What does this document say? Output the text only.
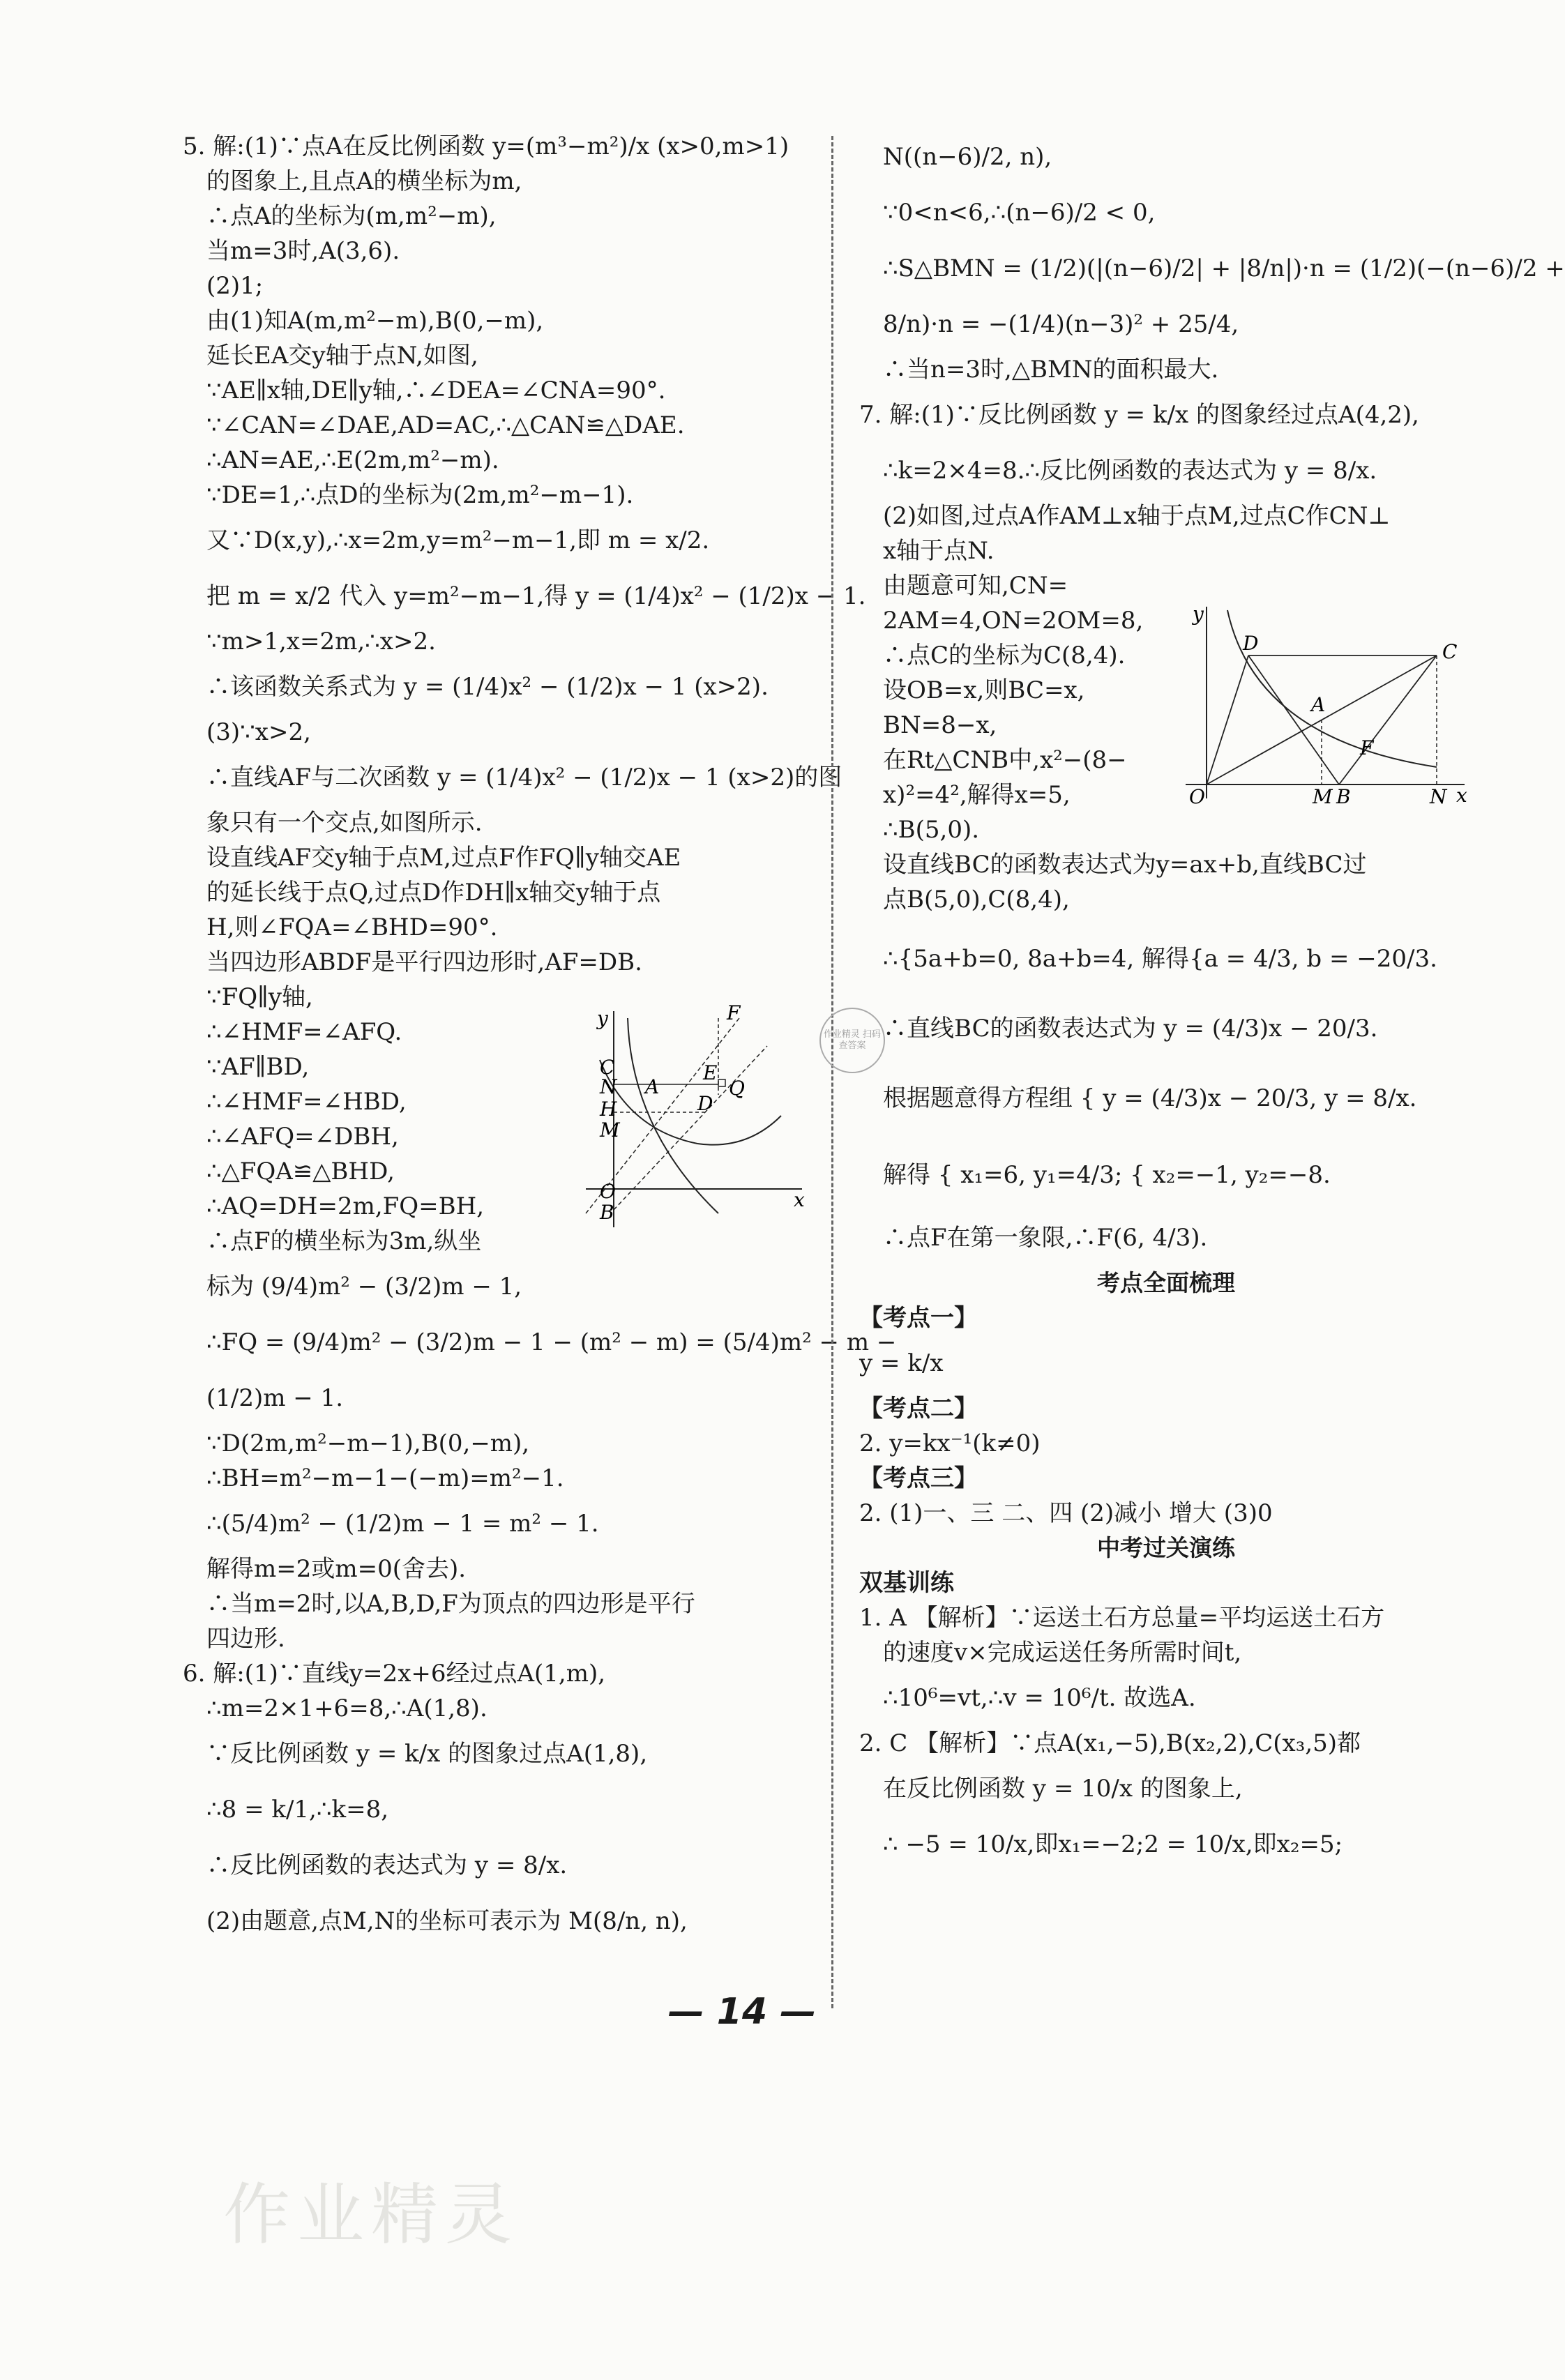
5. 解:(1)∵点A在反比例函数 y=(m³−m²)/x (x>0,m>1)
的图象上,且点A的横坐标为m,
∴点A的坐标为(m,m²−m),
当m=3时,A(3,6).
(2)1;
由(1)知A(m,m²−m),B(0,−m),
延长EA交y轴于点N,如图,
∵AE∥x轴,DE∥y轴,∴∠DEA=∠CNA=90°.
∵∠CAN=∠DAE,AD=AC,∴△CAN≌△DAE.
∴AN=AE,∴E(2m,m²−m).
∵DE=1,∴点D的坐标为(2m,m²−m−1).
又∵D(x,y),∴x=2m,y=m²−m−1,即 m = x/2.
把 m = x/2 代入 y=m²−m−1,得 y = (1/4)x² − (1/2)x − 1.
∵m>1,x=2m,∴x>2.
∴该函数关系式为 y = (1/4)x² − (1/2)x − 1 (x>2).
(3)∵x>2,
∴直线AF与二次函数 y = (1/4)x² − (1/2)x − 1 (x>2)的图
象只有一个交点,如图所示.
设直线AF交y轴于点M,过点F作FQ∥y轴交AE
的延长线于点Q,过点D作DH∥x轴交y轴于点
H,则∠FQA=∠BHD=90°.
当四边形ABDF是平行四边形时,AF=DB.
∵FQ∥y轴,
∴∠HMF=∠AFQ.
∵AF∥BD,
∴∠HMF=∠HBD,
∴∠AFQ=∠DBH,
∴△FQA≌△BHD,
∴AQ=DH=2m,FQ=BH,
∴点F的横坐标为3m,纵坐
标为 (9/4)m² − (3/2)m − 1,
∴FQ = (9/4)m² − (3/2)m − 1 − (m² − m) = (5/4)m² − m −
(1/2)m − 1.
∵D(2m,m²−m−1),B(0,−m),
∴BH=m²−m−1−(−m)=m²−1.
∴(5/4)m² − (1/2)m − 1 = m² − 1.
解得m=2或m=0(舍去).
∴当m=2时,以A,B,D,F为顶点的四边形是平行
四边形.
6. 解:(1)∵直线y=2x+6经过点A(1,m),
∴m=2×1+6=8,∴A(1,8).
∵反比例函数 y = k/x 的图象过点A(1,8),
∴8 = k/1,∴k=8,
∴反比例函数的表达式为 y = 8/x.
(2)由题意,点M,N的坐标可表示为 M(8/n, n),
y	F
C
N A
E
Q
H	D
M
O
B
x
N((n−6)/2, n),
∵0<n<6,∴(n−6)/2 < 0,
∴S△BMN = (1/2)(|(n−6)/2| + |8/n|)·n = (1/2)(−(n−6)/2 +
8/n)·n = −(1/4)(n−3)² + 25/4,
∴当n=3时,△BMN的面积最大.
7. 解:(1)∵反比例函数 y = k/x 的图象经过点A(4,2),
∴k=2×4=8.∴反比例函数的表达式为 y = 8/x.
(2)如图,过点A作AM⊥x轴于点M,过点C作CN⊥
x轴于点N.
由题意可知,CN=
2AM=4,ON=2OM=8,
∴点C的坐标为C(8,4).
设OB=x,则BC=x,
BN=8−x,
在Rt△CNB中,x²−(8−
x)²=4²,解得x=5,
∴B(5,0).
设直线BC的函数表达式为y=ax+b,直线BC过
点B(5,0),C(8,4),
∴{5a+b=0, 8a+b=4, 解得{a = 4/3, b = −20/3.
∴直线BC的函数表达式为 y = (4/3)x − 20/3.
根据题意得方程组 { y = (4/3)x − 20/3, y = 8/x.
解得 { x₁=6, y₁=4/3; { x₂=−1, y₂=−8.
∴点F在第一象限,∴F(6, 4/3).
考点全面梳理
【考点一】
y = k/x
【考点二】
2. y=kx⁻¹(k≠0)
【考点三】
2. (1)一、三 二、四 (2)减小 增大 (3)0
中考过关演练
双基训练
1. A 【解析】∵运送土石方总量=平均运送土石方
的速度v×完成运送任务所需时间t,
∴10⁶=vt,∴v = 10⁶/t. 故选A.
2. C 【解析】∵点A(x₁,−5),B(x₂,2),C(x₃,5)都
在反比例函数 y = 10/x 的图象上,
∴ −5 = 10/x,即x₁=−2;2 = 10/x,即x₂=5;
y
D	C
A
F
O	M B	N x
作业精灵 扫码查答案
— 14 —
作业精灵
